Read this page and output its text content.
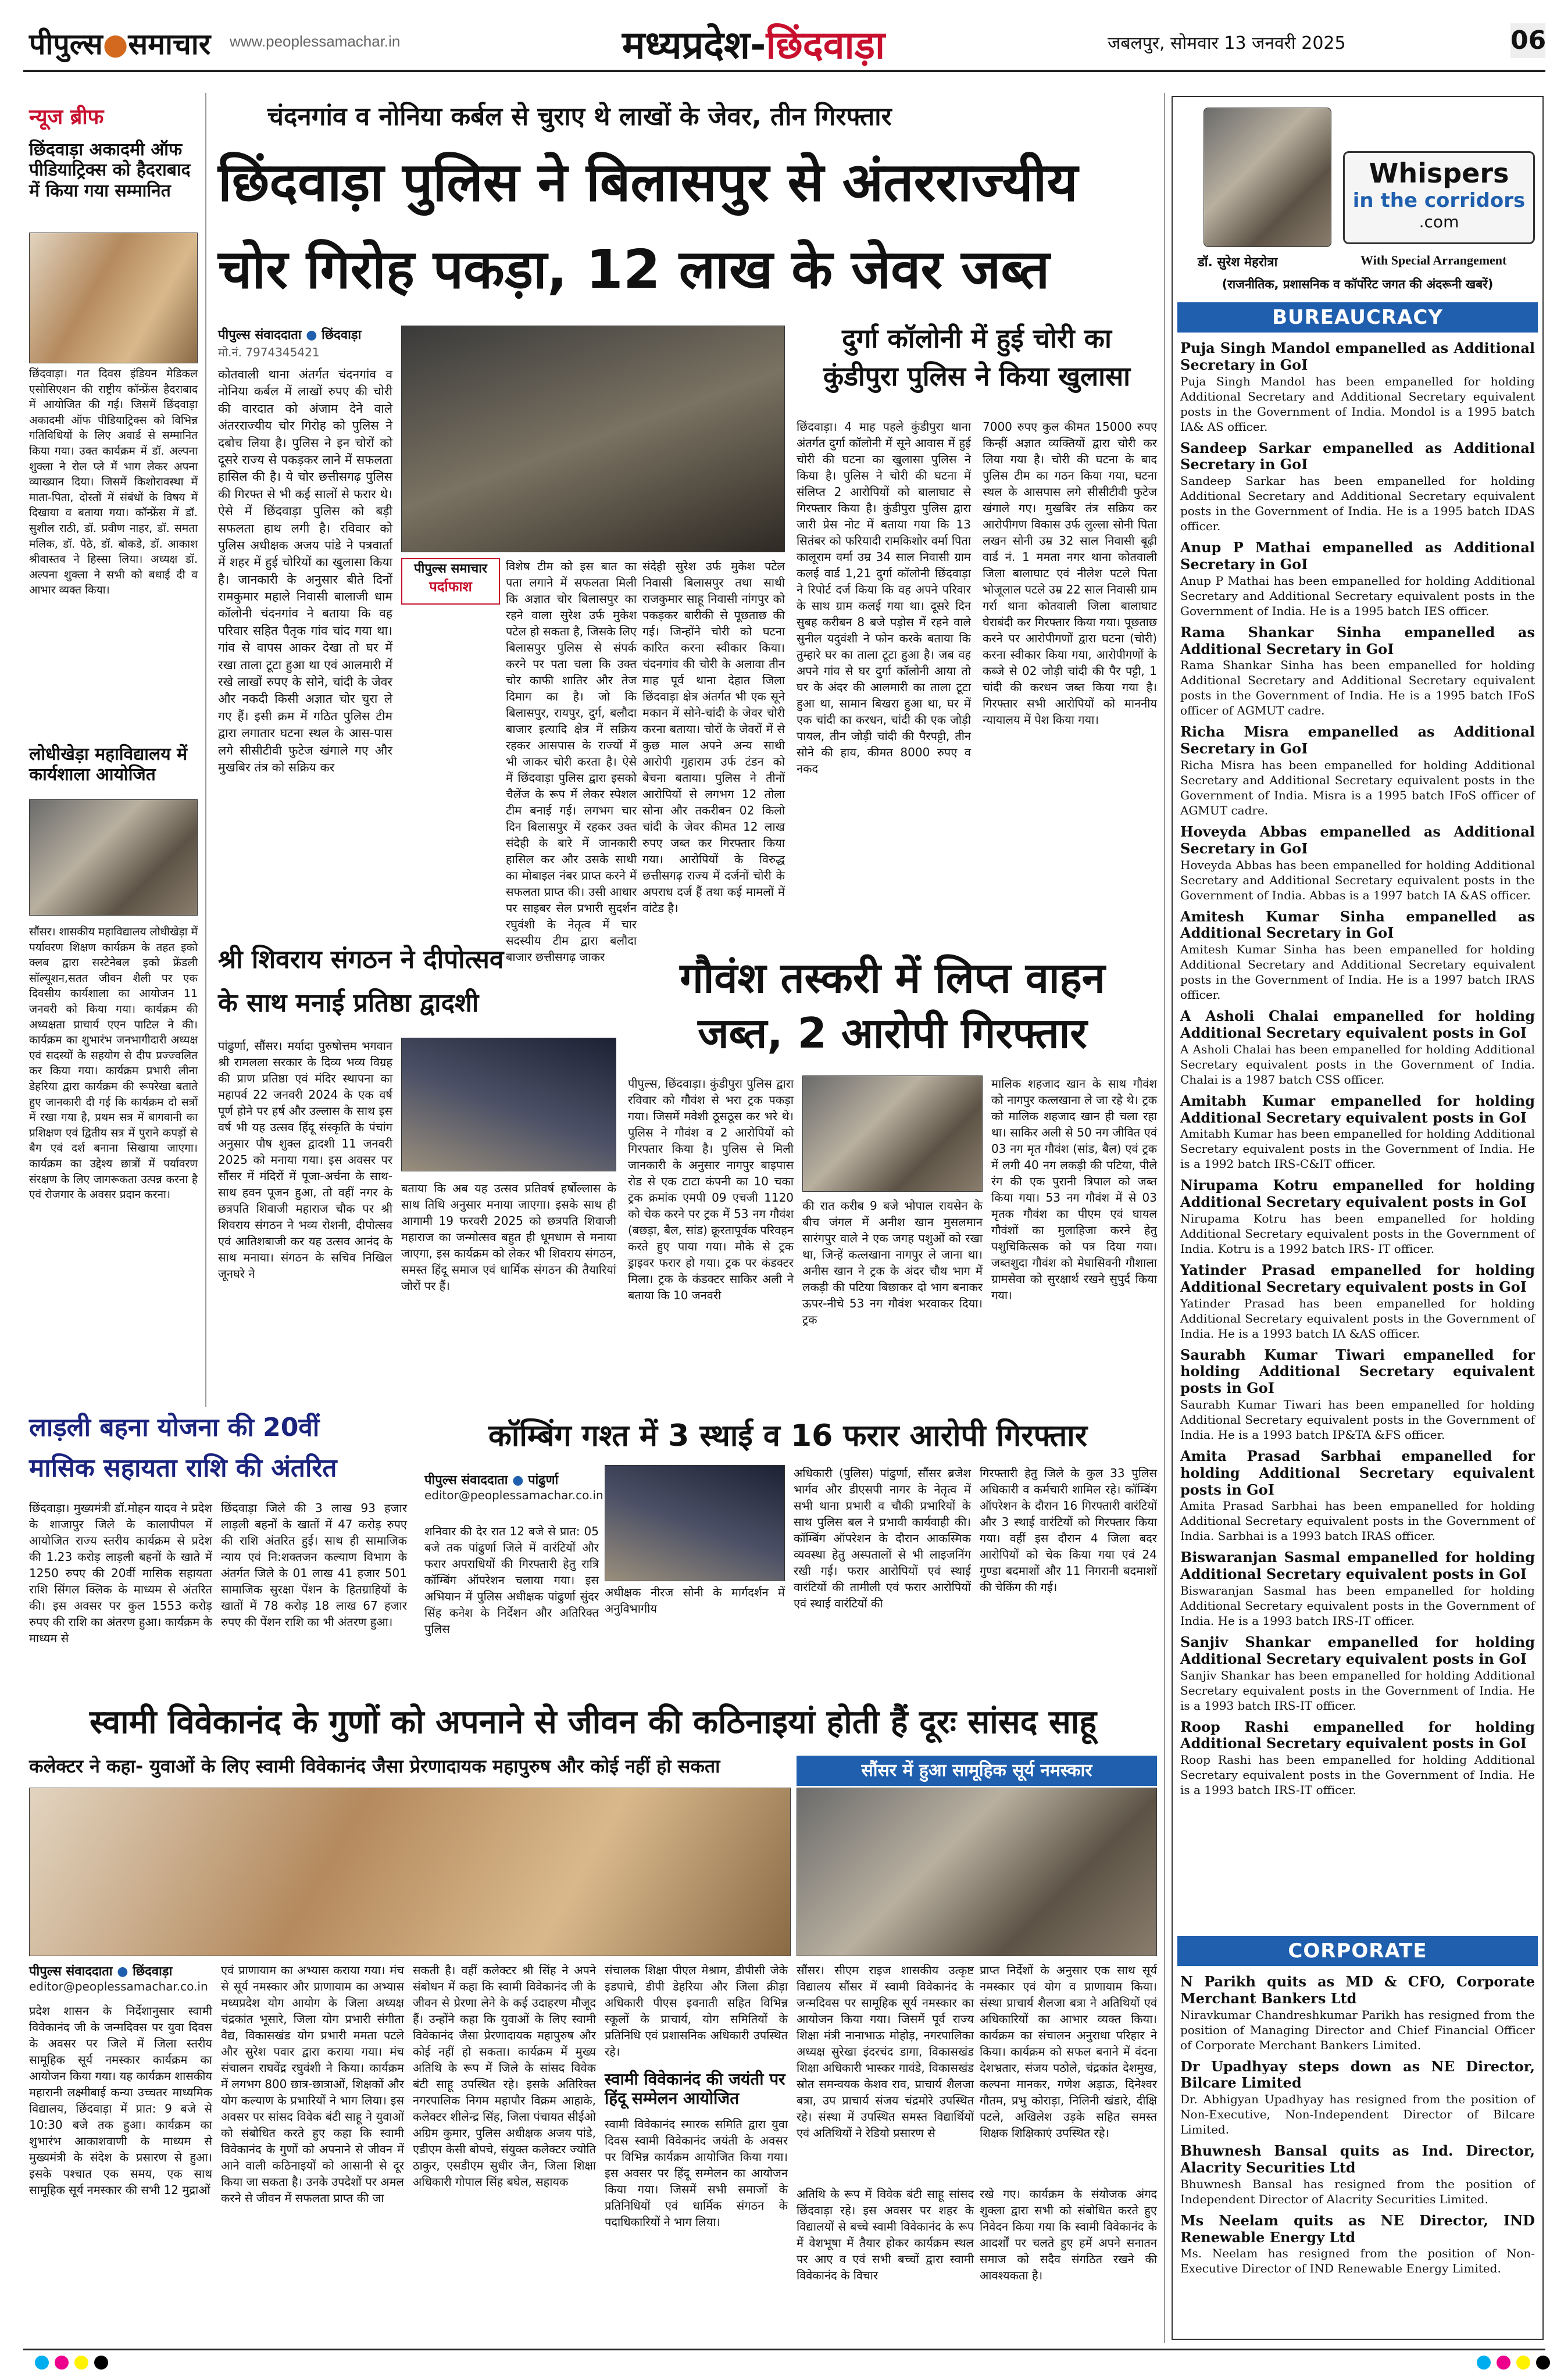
पीपुल्स●समाचार www.peoplessamachar.in	मध्यप्रदेश-छिंदवाड़ा	जबलपुर, सोमवार 13 जनवरी 2025	06
न्यूज ब्रीफ
छिंदवाड़ा अकादमी ऑफ पीडियाट्रिक्स को हैदराबाद में किया गया सम्मानित
छिंदवाड़ा। गत दिवस इंडियन मेडिकल एसोसिएशन की राष्ट्रीय कॉन्फ्रेंस हैदराबाद में आयोजित की गई। जिसमें छिंदवाड़ा अकादमी ऑफ पीडियाट्रिक्स को विभिन्न गतिविधियों के लिए अवार्ड से सम्मानित किया गया। उक्त कार्यक्रम में डॉ. अल्पना शुक्ला ने रोल प्ले में भाग लेकर अपना व्याख्यान दिया। जिसमें किशोरावस्था में माता-पिता, दोस्तों में संबंधों के विषय में दिखाया व बताया गया। कॉन्फ्रेंस में डॉ. सुशील राठी, डॉ. प्रवीण नाहर, डॉ. समता मलिक, डॉ. पेठे, डॉ. बोकडे, डॉ. आकाश श्रीवास्तव ने हिस्सा लिया। अध्यक्ष डॉ. अल्पना शुक्ला ने सभी को बधाई दी व आभार व्यक्त किया।
लोधीखेड़ा महाविद्यालय में कार्यशाला आयोजित
सौंसर। शासकीय महाविद्यालय लोधीखेड़ा में पर्यावरण शिक्षण कार्यक्रम के तहत इको क्लब द्वारा सस्टेनेबल इको फ्रेंडली सॉल्यूशन,सतत जीवन शैली पर एक दिवसीय कार्यशाला का आयोजन 11 जनवरी को किया गया। कार्यक्रम की अध्यक्षता प्राचार्य एएन पाटिल ने की। कार्यक्रम का शुभारंभ जनभागीदारी अध्यक्ष एवं सदस्यों के सहयोग से दीप प्रज्ज्वलित कर किया गया। कार्यक्रम प्रभारी लीना डेहरिया द्वारा कार्यक्रम की रूपरेखा बताते हुए जानकारी दी गई कि कार्यक्रम दो सत्रों में रखा गया है, प्रथम सत्र में बागवानी का प्रशिक्षण एवं द्वितीय सत्र में पुराने कपड़ों से बैग एवं दर्श बनाना सिखाया जाएगा। कार्यक्रम का उद्देश्य छात्रों में पर्यावरण संरक्षण के लिए जागरूकता उत्पन्न करना है एवं रोजगार के अवसर प्रदान करना।
चंदनगांव व नोनिया कर्बल से चुराए थे लाखों के जेवर, तीन गिरफ्तार
छिंदवाड़ा पुलिस ने बिलासपुर से अंतरराज्यीय
चोर गिरोह पकड़ा, 12 लाख के जेवर जब्त
पीपुल्स संवाददाता ● छिंदवाड़ा
मो.नं. 7974345421
कोतवाली थाना अंतर्गत चंदनगांव व नोनिया कर्बल में लाखों रुपए की चोरी की वारदात को अंजाम देने वाले अंतरराज्यीय चोर गिरोह को पुलिस ने दबोच लिया है। पुलिस ने इन चोरों को दूसरे राज्य से पकड़कर लाने में सफलता हासिल की है। ये चोर छत्तीसगढ़ पुलिस की गिरफ्त से भी कई सालों से फरार थे। ऐसे में छिंदवाड़ा पुलिस को बड़ी सफलता हाथ लगी है। रविवार को पुलिस अधीक्षक अजय पांडे ने पत्रवार्ता में शहर में हुई चोरियों का खुलासा किया है। जानकारी के अनुसार बीते दिनों रामकुमार महाले निवासी बालाजी धाम कॉलोनी चंदनगांव ने बताया कि वह परिवार सहित पैतृक गांव चांद गया था। गांव से वापस आकर देखा तो घर में रखा ताला टूटा हुआ था एवं आलमारी में रखे लाखों रुपए के सोने, चांदी के जेवर और नकदी किसी अज्ञात चोर चुरा ले गए हैं। इसी क्रम में गठित पुलिस टीम द्वारा लगातार घटना स्थल के आस-पास लगे सीसीटीवी फुटेज खंगाले गए और मुखबिर तंत्र को सक्रिय कर
पीपुल्स समाचार
पर्दाफाश
विशेष टीम को इस बात का पता लगाने में सफलता मिली कि अज्ञात चोर बिलासपुर का रहने वाला सुरेश उर्फ मुकेश पटेल हो सकता है, जिसके लिए बिलासपुर पुलिस से संपर्क करने पर पता चला कि उक्त चोर काफी शातिर और तेज दिमाग का है। जो कि बिलासपुर, रायपुर, दुर्ग, बलौदा बाजार इत्यादि क्षेत्र में सक्रिय रहकर आसपास के राज्यों में भी जाकर चोरी करता है। ऐसे में छिंदवाड़ा पुलिस द्वारा इसको चैलेंज के रूप में लेकर स्पेशल टीम बनाई गई। लगभग चार दिन बिलासपुर में रहकर उक्त संदेही के बारे में जानकारी हासिल कर और उसके साथी का मोबाइल नंबर प्राप्त करने में सफलता प्राप्त की। उसी आधार पर साइबर सेल प्रभारी सुदर्शन रघुवंशी के नेतृत्व में चार सदस्यीय टीम द्वारा बलौदा बाजार छत्तीसगढ़ जाकर
संदेही सुरेश उर्फ मुकेश पटेल निवासी बिलासपुर तथा साथी राजकुमार साहू निवासी नांगपुर को पकड़कर बारीकी से पूछताछ की गई। जिन्होंने चोरी को घटना कारित करना स्वीकार किया। चंदनगांव की चोरी के अलावा तीन माह पूर्व थाना देहात जिला छिंदवाड़ा क्षेत्र अंतर्गत भी एक सूने मकान में सोने-चांदी के जेवर चोरी करना बताया। चोरों के जेवरों में से कुछ माल अपने अन्य साथी आरोपी गुहाराम उर्फ टंडन को बेचना बताया। पुलिस ने तीनों आरोपियों से लगभग 12 तोला सोना और तकरीबन 02 किलो चांदी के जेवर कीमत 12 लाख रुपए जब्त कर गिरफ्तार किया गया। आरोपियों के विरुद्ध छत्तीसगढ़ राज्य में दर्जनों चोरी के अपराध दर्ज हैं तथा कई मामलों में वांटेड है।
दुर्गा कॉलोनी में हुई चोरी का
कुंडीपुरा पुलिस ने किया खुलासा
छिंदवाड़ा। 4 माह पहले कुंडीपुरा थाना अंतर्गत दुर्गा कॉलोनी में सूने आवास में हुई चोरी की घटना का खुलासा पुलिस ने किया है। पुलिस ने चोरी की घटना में संलिप्त 2 आरोपियों को बालाघाट से गिरफ्तार किया है। कुंडीपुरा पुलिस द्वारा जारी प्रेस नोट में बताया गया कि 13 सितंबर को फरियादी रामकिशोर वर्मा पिता कालूराम वर्मा उम्र 34 साल निवासी ग्राम कलई वार्ड 1,21 दुर्गा कॉलोनी छिंदवाड़ा ने रिपोर्ट दर्ज किया कि वह अपने परिवार के साथ ग्राम कलई गया था। दूसरे दिन सुबह करीबन 8 बजे पड़ोस में रहने वाले सुनील यदुवंशी ने फोन करके बताया कि तुम्हारे घर का ताला टूटा हुआ है। जब वह अपने गांव से घर दुर्गा कॉलोनी आया तो घर के अंदर की आलमारी का ताला टूटा हुआ था, सामान बिखरा हुआ था, घर में एक चांदी का करधन, चांदी की एक जोड़ी पायल, तीन जोड़ी चांदी की पैरपट्टी, तीन सोने की हाय, कीमत 8000 रुपए व नकद
7000 रुपए कुल कीमत 15000 रुपए किन्हीं अज्ञात व्यक्तियों द्वारा चोरी कर लिया गया है। चोरी की घटना के बाद पुलिस टीम का गठन किया गया, घटना स्थल के आसपास लगे सीसीटीवी फुटेज खंगाले गए। मुखबिर तंत्र सक्रिय कर आरोपीगण विकास उर्फ लुल्ला सोनी पिता लखन सोनी उम्र 32 साल निवासी बूढ़ी वार्ड नं. 1 ममता नगर थाना कोतवाली जिला बालाघाट एवं नीलेश पटले पिता भोजूलाल पटले उम्र 22 साल निवासी ग्राम गर्रा थाना कोतवाली जिला बालाघाट घेराबंदी कर गिरफ्तार किया गया। पूछताछ करने पर आरोपीगणों द्वारा घटना (चोरी) करना स्वीकार किया गया, आरोपीगणों के कब्जे से 02 जोड़ी चांदी की पैर पट्टी, 1 चांदी की करधन जब्त किया गया है। गिरफ्तार सभी आरोपियों को माननीय न्यायालय में पेश किया गया।
श्री शिवराय संगठन ने दीपोत्सव
के साथ मनाई प्रतिष्ठा द्वादशी
पांढुर्णा, सौंसर। मर्यादा पुरुषोत्तम भगवान श्री रामलला सरकार के दिव्य भव्य विग्रह की प्राण प्रतिष्ठा एवं मंदिर स्थापना का महापर्व 22 जनवरी 2024 के एक वर्ष पूर्ण होने पर हर्ष और उल्लास के साथ इस वर्ष भी यह उत्सव हिंदू संस्कृति के पंचांग अनुसार पौष शुक्ल द्वादशी 11 जनवरी 2025 को मनाया गया। इस अवसर पर सौंसर में मंदिरों में पूजा-अर्चना के साथ-साथ हवन पूजन हुआ, तो वहीं नगर के छत्रपति शिवाजी महाराज चौक पर श्री शिवराय संगठन ने भव्य रोशनी, दीपोत्सव एवं आतिशबाजी कर यह उत्सव आनंद के साथ मनाया। संगठन के सचिव निखिल जूनघरे ने
बताया कि अब यह उत्सव प्रतिवर्ष हर्षोल्लास के साथ तिथि अनुसार मनाया जाएगा। इसके साथ ही आगामी 19 फरवरी 2025 को छत्रपति शिवाजी महाराज का जन्मोत्सव बहुत ही धूमधाम से मनाया जाएगा, इस कार्यक्रम को लेकर भी शिवराय संगठन, समस्त हिंदू समाज एवं धार्मिक संगठन की तैयारियां जोरों पर हैं।
गौवंश तस्करी में लिप्त वाहन
जब्त, 2 आरोपी गिरफ्तार
पीपुल्स, छिंदवाड़ा। कुंडीपुरा पुलिस द्वारा रविवार को गौवंश से भरा ट्रक पकड़ा गया। जिसमें मवेशी ठूसठूस कर भरे थे। पुलिस ने गौवंश व 2 आरोपियों को गिरफ्तार किया है। पुलिस से मिली जानकारी के अनुसार नागपुर बाइपास रोड से एक टाटा कंपनी का 10 चका ट्रक क्रमांक एमपी 09 एचजी 1120 को चेक करने पर ट्रक में 53 नग गौवंश (बछड़ा, बैल, सांड) क्रूरतापूर्वक परिवहन करते हुए पाया गया। मौके से ट्रक ड्राइवर फरार हो गया। ट्रक पर कंडक्टर मिला। ट्रक के कंडक्टर साकिर अली ने बताया कि 10 जनवरी
की रात करीब 9 बजे भोपाल रायसेन के बीच जंगल में अनीश खान मुसलमान सारंगपुर वाले ने एक जगह पशुओं को रखा था, जिन्हें कत्लखाना नागपुर ले जाना था। अनीस खान ने ट्रक के अंदर चौथ भाग में लकड़ी की पटिया बिछाकर दो भाग बनाकर ऊपर-नीचे 53 नग गौवंश भरवाकर दिया। ट्रक
मालिक शहजाद खान के साथ गौवंश को नागपुर कत्लखाना ले जा रहे थे। ट्रक को मालिक शहजाद खान ही चला रहा था। साकिर अली से 50 नग जीवित एवं 03 नग मृत गौवंश (सांड, बैल) एवं ट्रक में लगी 40 नग लकड़ी की पटिया, पीले रंग की एक पुरानी त्रिपाल को जब्त किया गया। 53 नग गौवंश में से 03 मृतक गौवंश का पीएम एवं घायल गौवंशों का मुलाहिजा करने हेतु पशुचिकित्सक को पत्र दिया गया। जब्तशुदा गौवंश को मेघासिवनी गौशाला ग्रामसेवा को सुरक्षार्थ रखने सुपुर्द किया गया।
लाड़ली बहना योजना की 20वीं
मासिक सहायता राशि की अंतरित
छिंदवाड़ा। मुख्यमंत्री डॉ.मोहन यादव ने प्रदेश के शाजापुर जिले के कालापीपल में आयोजित राज्य स्तरीय कार्यक्रम से प्रदेश की 1.23 करोड़ लाड़ली बहनों के खाते में 1250 रुपए की 20वीं मासिक सहायता राशि सिंगल क्लिक के माध्यम से अंतरित की। इस अवसर पर कुल 1553 करोड़ रुपए की राशि का अंतरण हुआ। कार्यक्रम के माध्यम से
छिंदवाड़ा जिले की 3 लाख 93 हजार लाड़ली बहनों के खातों में 47 करोड़ रुपए की राशि अंतरित हुई। साथ ही सामाजिक न्याय एवं नि:शक्तजन कल्याण विभाग के अंतर्गत जिले के 01 लाख 41 हजार 501 सामाजिक सुरक्षा पेंशन के हितग्राहियों के खातों में 78 करोड़ 18 लाख 67 हजार रुपए की पेंशन राशि का भी अंतरण हुआ।
कॉम्बिंग गश्त में 3 स्थाई व 16 फरार आरोपी गिरफ्तार
पीपुल्स संवाददाता ● पांढुर्णा
editor@peoplessamachar.co.in
शनिवार की देर रात 12 बजे से प्रात: 05 बजे तक पांढुर्णा जिले में वारंटियों और फरार अपराधियों की गिरफ्तारी हेतु रात्रि कॉम्बिंग ऑपरेशन चलाया गया। इस अभियान में पुलिस अधीक्षक पांढुर्णा सुंदर सिंह कनेश के निर्देशन और अतिरिक्त पुलिस
अधीक्षक नीरज सोनी के मार्गदर्शन में अनुविभागीय
अधिकारी (पुलिस) पांढुर्णा, सौंसर ब्रजेश भार्गव और डीएसपी नागर के नेतृत्व में सभी थाना प्रभारी व चौकी प्रभारियों के साथ पुलिस बल ने प्रभावी कार्यवाही की। कॉम्बिंग ऑपरेशन के दौरान आकस्मिक व्यवस्था हेतु अस्पतालों से भी लाइजनिंग रखी गई। फरार आरोपियों एवं स्थाई वारंटियों की तामीली एवं फरार आरोपियों एवं स्थाई वारंटियों की
गिरफ्तारी हेतु जिले के कुल 33 पुलिस अधिकारी व कर्मचारी शामिल रहे। कॉम्बिंग ऑपरेशन के दौरान 16 गिरफ्तारी वारंटियों और 3 स्थाई वारंटियों को गिरफ्तार किया गया। वहीं इस दौरान 4 जिला बदर आरोपियों को चेक किया गया एवं 24 गुण्डा बदमाशों और 11 निगरानी बदमाशों की चेकिंग की गई।
स्वामी विवेकानंद के गुणों को अपनाने से जीवन की कठिनाइयां होती हैं दूरः सांसद साहू
कलेक्टर ने कहा- युवाओं के लिए स्वामी विवेकानंद जैसा प्रेरणादायक महापुरुष और कोई नहीं हो सकता
पीपुल्स संवाददाता ● छिंदवाड़ा
editor@peoplessamachar.co.in
प्रदेश शासन के निर्देशानुसार स्वामी विवेकानंद जी के जन्मदिवस पर युवा दिवस के अवसर पर जिले में जिला स्तरीय सामूहिक सूर्य नमस्कार कार्यक्रम का आयोजन किया गया। यह कार्यक्रम शासकीय महारानी लक्ष्मीबाई कन्या उच्चतर माध्यमिक विद्यालय, छिंदवाड़ा में प्रात: 9 बजे से 10:30 बजे तक हुआ। कार्यक्रम का शुभारंभ आकाशवाणी के माध्यम से मुख्यमंत्री के संदेश के प्रसारण से हुआ। इसके पश्चात एक समय, एक साथ सामूहिक सूर्य नमस्कार की सभी 12 मुद्राओं
एवं प्राणायाम का अभ्यास कराया गया। मंच से सूर्य नमस्कार और प्राणायाम का अभ्यास मध्यप्रदेश योग आयोग के जिला अध्यक्ष चंद्रकांत भूसारे, जिला योग प्रभारी संगीता वैद्य, विकासखंड योग प्रभारी ममता पटले और सुरेश पवार द्वारा कराया गया। मंच संचालन राघवेंद्र रघुवंशी ने किया। कार्यक्रम में लगभग 800 छात्र-छात्राओं, शिक्षकों और योग कल्याण के प्रभारियों ने भाग लिया। इस अवसर पर सांसद विवेक बंटी साहू ने युवाओं को संबोधित करते हुए कहा कि स्वामी विवेकानंद के गुणों को अपनाने से जीवन में आने वाली कठिनाइयों को आसानी से दूर किया जा सकता है। उनके उपदेशों पर अमल करने से जीवन में सफलता प्राप्त की जा
सकती है। वहीं कलेक्टर श्री सिंह ने अपने संबोधन में कहा कि स्वामी विवेकानंद जी के जीवन से प्रेरणा लेने के कई उदाहरण मौजूद हैं। उन्होंने कहा कि युवाओं के लिए स्वामी विवेकानंद जैसा प्रेरणादायक महापुरुष और कोई नहीं हो सकता। कार्यक्रम में मुख्य अतिथि के रूप में जिले के सांसद विवेक बंटी साहू उपस्थित रहे। इसके अतिरिक्त नगरपालिक निगम महापौर विक्रम आहाके, कलेक्टर शीलेन्द्र सिंह, जिला पंचायत सीईओ अग्रिम कुमार, पुलिस अधीक्षक अजय पांडे, एडीएम केसी बोपचे, संयुक्त कलेक्टर ज्योति ठाकुर, एसडीएम सुधीर जैन, जिला शिक्षा अधिकारी गोपाल सिंह बघेल, सहायक
संचालक शिक्षा पीएल मेश्राम, डीपीसी जेके इडपाचे, डीपी डेहरिया और जिला क्रीड़ा अधिकारी पीएस इवनाती सहित विभिन्न स्कूलों के प्राचार्य, योग समितियों के प्रतिनिधि एवं प्रशासनिक अधिकारी उपस्थित रहे।
स्वामी विवेकानंद की जयंती पर हिंदू सम्मेलन आयोजित
स्वामी विवेकानंद स्मारक समिति द्वारा युवा दिवस स्वामी विवेकानंद जयंती के अवसर पर विभिन्न कार्यक्रम आयोजित किया गया। इस अवसर पर हिंदू सम्मेलन का आयोजन किया गया। जिसमें सभी समाजों के प्रतिनिधियों एवं धार्मिक संगठन के पदाधिकारियों ने भाग लिया।
अतिथि के रूप में विवेक बंटी साहू सांसद छिंदवाड़ा रहे। इस अवसर पर शहर के विद्यालयों से बच्चे स्वामी विवेकानंद के रूप में वेशभूषा में तैयार होकर कार्यक्रम स्थल पर आए व एवं सभी बच्चों द्वारा स्वामी विवेकानंद के विचार
रखे गए। कार्यक्रम के संयोजक अंगद शुक्ला द्वारा सभी को संबोधित करते हुए निवेदन किया गया कि स्वामी विवेकानंद के आदर्शों पर चलते हुए हमें अपने सनातन समाज को सदैव संगठित रखने की आवश्यकता है।
सौंसर में हुआ सामूहिक सूर्य नमस्कार
सौंसर। सीएम राइज शासकीय उत्कृष्ट विद्यालय सौंसर में स्वामी विवेकानंद के जन्मदिवस पर सामूहिक सूर्य नमस्कार का आयोजन किया गया। जिसमें पूर्व राज्य शिक्षा मंत्री नानाभाऊ मोहोड़, नगरपालिका अध्यक्ष सुरेखा इंदरचंद डागा, विकासखंड शिक्षा अधिकारी भास्कर गावंडे, विकासखंड स्रोत समन्वयक केशव राव, प्राचार्य शैलजा बत्रा, उप प्राचार्य संजय चंद्रमोरे उपस्थित रहे। संस्था में उपस्थित समस्त विद्यार्थियों एवं अतिथियों ने रेडियो प्रसारण से
प्राप्त निर्देशों के अनुसार एक साथ सूर्य नमस्कार एवं योग व प्राणायाम किया। संस्था प्राचार्य शैलजा बत्रा ने अतिथियों एवं अधिकारियों का आभार व्यक्त किया। कार्यक्रम का संचालन अनुराधा परिहार ने किया। कार्यक्रम को सफल बनाने में वंदना देशभ्रतार, संजय पठोले, चंद्रकांत देशमुख, कल्पना मानकर, गणेश अड़ाऊ, दिनेश्वर गौतम, प्रभु कोराड़ा, निलिनी खंडारे, दीक्षि पटले, अखिलेश उड़के सहित समस्त शिक्षक शिक्षिकाएं उपस्थित रहे।
Whispers
in the corridors
.com
डॉ. सुरेश मेहरोत्रा	With Special Arrangement
(राजनीतिक, प्रशासनिक व कॉर्पोरेट जगत की अंदरूनी खबरें)
BUREAUCRACY
Puja Singh Mandol empanelled as Additional Secretary in GoI
Puja Singh Mandol has been empanelled for holding Additional Secretary and Additional Secretary equivalent posts in the Government of India. Mondol is a 1995 batch IA& AS officer.
Sandeep Sarkar empanelled as Additional Secretary in GoI
Sandeep Sarkar has been empanelled for holding Additional Secretary and Additional Secretary equivalent posts in the Government of India. He is a 1995 batch IDAS officer.
Anup P Mathai empanelled as Additional Secretary in GoI
Anup P Mathai has been empanelled for holding Additional Secretary and Additional Secretary equivalent posts in the Government of India. He is a 1995 batch IES officer.
Rama Shankar Sinha empanelled as Additional Secretary in GoI
Rama Shankar Sinha has been empanelled for holding Additional Secretary and Additional Secretary equivalent posts in the Government of India. He is a 1995 batch IFoS officer of AGMUT cadre.
Richa Misra empanelled as Additional Secretary in GoI
Richa Misra has been empanelled for holding Additional Secretary and Additional Secretary equivalent posts in the Government of India. Misra is a 1995 batch IFoS officer of AGMUT cadre.
Hoveyda Abbas empanelled as Additional Secretary in GoI
Hoveyda Abbas has been empanelled for holding Additional Secretary and Additional Secretary equivalent posts in the Government of India. Abbas is a 1997 batch IA &AS officer.
Amitesh Kumar Sinha empanelled as Additional Secretary in GoI
Amitesh Kumar Sinha has been empanelled for holding Additional Secretary and Additional Secretary equivalent posts in the Government of India. He is a 1997 batch IRAS officer.
A Asholi Chalai empanelled for holding Additional Secretary equivalent posts in GoI
A Asholi Chalai has been empanelled for holding Additional Secretary equivalent posts in the Government of India. Chalai is a 1987 batch CSS officer.
Amitabh Kumar empanelled for holding Additional Secretary equivalent posts in GoI
Amitabh Kumar has been empanelled for holding Additional Secretary equivalent posts in the Government of India. He is a 1992 batch IRS-C&IT officer.
Nirupama Kotru empanelled for holding Additional Secretary equivalent posts in GoI
Nirupama Kotru has been empanelled for holding Additional Secretary equivalent posts in the Government of India. Kotru is a 1992 batch IRS- IT officer.
Yatinder Prasad empanelled for holding Additional Secretary equivalent posts in GoI
Yatinder Prasad has been empanelled for holding Additional Secretary equivalent posts in the Government of India. He is a 1993 batch IA &AS officer.
Saurabh Kumar Tiwari empanelled for holding Additional Secretary equivalent posts in GoI
Saurabh Kumar Tiwari has been empanelled for holding Additional Secretary equivalent posts in the Government of India. He is a 1993 batch IP&TA &FS officer.
Amita Prasad Sarbhai empanelled for holding Additional Secretary equivalent posts in GoI
Amita Prasad Sarbhai has been empanelled for holding Additional Secretary equivalent posts in the Government of India. Sarbhai is a 1993 batch IRAS officer.
Biswaranjan Sasmal empanelled for holding Additional Secretary equivalent posts in GoI
Biswaranjan Sasmal has been empanelled for holding Additional Secretary equivalent posts in the Government of India. He is a 1993 batch IRS-IT officer.
Sanjiv Shankar empanelled for holding Additional Secretary equivalent posts in GoI
Sanjiv Shankar has been empanelled for holding Additional Secretary equivalent posts in the Government of India. He is a 1993 batch IRS-IT officer.
Roop Rashi empanelled for holding Additional Secretary equivalent posts in GoI
Roop Rashi has been empanelled for holding Additional Secretary equivalent posts in the Government of India. He is a 1993 batch IRS-IT officer.
CORPORATE
N Parikh quits as MD & CFO, Corporate Merchant Bankers Ltd
Niravkumar Chandreshkumar Parikh has resigned from the position of Managing Director and Chief Financial Officer of Corporate Merchant Bankers Limited.
Dr Upadhyay steps down as NE Director, Bilcare Limited
Dr. Abhigyan Upadhyay has resigned from the position of Non-Executive, Non-Independent Director of Bilcare Limited.
Bhuwnesh Bansal quits as Ind. Director, Alacrity Securities Ltd
Bhuwnesh Bansal has resigned from the position of Independent Director of Alacrity Securities Limited.
Ms Neelam quits as NE Director, IND Renewable Energy Ltd
Ms. Neelam has resigned from the position of Non-Executive Director of IND Renewable Energy Limited.
